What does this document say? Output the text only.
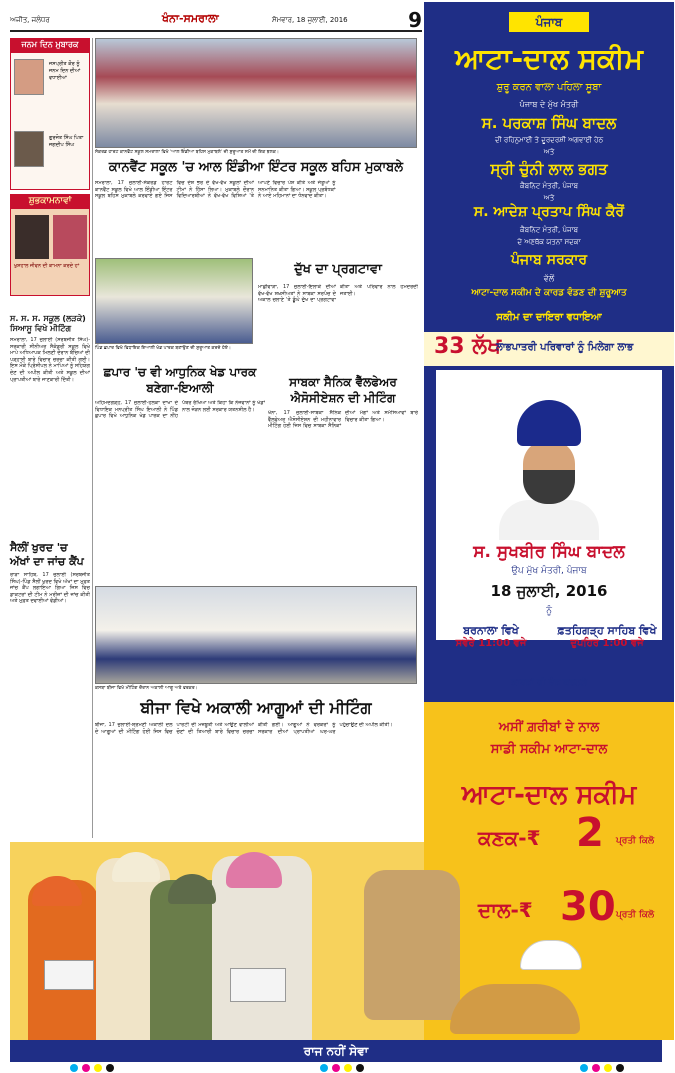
ਅਜੀਤ, ਜਲੰਧਰ	ਖੰਨਾ-ਸਮਰਾਲਾ	ਸੋਮਵਾਰ, 18 ਜੁਲਾਈ, 2016	9
ਜਨਮ ਦਿਨ ਮੁਬਾਰਕ
ਜਸਪ੍ਰੀਤ ਕੌਰ ਨੂੰ ਜਨਮ ਦਿਨ ਦੀਆਂ ਵਧਾਈਆਂ
ਗੁਰਜੋਤ ਸਿੰਘ ਪਿਤਾ ਜਗਦੀਪ ਸਿੰਘ
ਸ਼ੁਭਕਾਮਨਾਵਾਂ
ਖੁਸ਼ਹਾਲ ਜੀਵਨ ਦੀ ਕਾਮਨਾ ਕਰਦੇ ਹਾਂ
ਸ. ਸ. ਸ. ਸਕੂਲ (ਲੜਕੇ) ਸਿਆਸੂ ਵਿਖੇ ਮੀਟਿੰਗ
ਸਮਰਾਲਾ, 17 ਜੁਲਾਈ (ਸਰਬਜੀਤ ਸਿੰਘ)-ਸਰਕਾਰੀ ਸੀਨੀਅਰ ਸੈਕੰਡਰੀ ਸਕੂਲ ਵਿਖੇ ਮਾਪੇ ਅਧਿਆਪਕ ਮਿਲਣੀ ਦੌਰਾਨ ਬੱਚਿਆਂ ਦੀ ਪੜ੍ਹਾਈ ਬਾਰੇ ਵਿਚਾਰ ਚਰਚਾ ਕੀਤੀ ਗਈ। ਇਸ ਮੌਕੇ ਪ੍ਰਿੰਸੀਪਲ ਨੇ ਮਾਪਿਆਂ ਨੂੰ ਸਹਿਯੋਗ ਦੇਣ ਦੀ ਅਪੀਲ ਕੀਤੀ ਅਤੇ ਸਕੂਲ ਦੀਆਂ ਪ੍ਰਾਪਤੀਆਂ ਬਾਰੇ ਜਾਣਕਾਰੀ ਦਿੱਤੀ।
ਸੈਲੀਂ ਖੁਰਦ 'ਚ ਅੱਖਾਂ ਦਾ ਜਾਂਚ ਕੈਂਪ
ਰਾੜਾ ਸਾਹਿਬ, 17 ਜੁਲਾਈ (ਸਰਬਜੀਤ ਸਿੰਘ)-ਪਿੰਡ ਸੈਲੀਂ ਖੁਰਦ ਵਿਖੇ ਅੱਖਾਂ ਦਾ ਮੁਫ਼ਤ ਜਾਂਚ ਕੈਂਪ ਲਗਾਇਆ ਗਿਆ ਜਿਸ ਵਿਚ ਡਾਕਟਰਾਂ ਦੀ ਟੀਮ ਨੇ ਮਰੀਜ਼ਾਂ ਦੀ ਜਾਂਚ ਕੀਤੀ ਅਤੇ ਮੁਫ਼ਤ ਦਵਾਈਆਂ ਵੰਡੀਆਂ।
ਸੇਕਰਡ ਹਾਰਟ ਕਾਨਵੈਂਟ ਸਕੂਲ ਸਮਰਾਲਾ ਵਿਖੇ 'ਆਲ ਇੰਡੀਆ ਬਹਿਸ ਮੁਕਾਬਲੇ' ਦੀ ਸ਼ੁਰੂਆਤ ਸਮੇਂ ਦੀ ਇਕ ਝਲਕ।
ਕਾਨਵੈਂਟ ਸਕੂਲ 'ਚ ਆਲ ਇੰਡੀਆ ਇੰਟਰ ਸਕੂਲ ਬਹਿਸ ਮੁਕਾਬਲੇ
ਸਮਰਾਲਾ, 17 ਜੁਲਾਈ-ਸੇਕਰਡ ਹਾਰਟ ਕਾਨਵੈਂਟ ਸਕੂਲ ਵਿਖੇ ਆਲ ਇੰਡੀਆ ਇੰਟਰ ਸਕੂਲ ਬਹਿਸ ਮੁਕਾਬਲੇ ਕਰਵਾਏ ਗਏ ਜਿਸ ਵਿਚ ਦੇਸ਼ ਭਰ ਦੇ ਵੱਖ-ਵੱਖ ਸਕੂਲਾਂ ਦੀਆਂ ਟੀਮਾਂ ਨੇ ਹਿੱਸਾ ਲਿਆ। ਮੁਕਾਬਲੇ ਦੌਰਾਨ ਵਿਦਿਆਰਥੀਆਂ ਨੇ ਵੱਖ-ਵੱਖ ਵਿਸ਼ਿਆਂ 'ਤੇ ਆਪਣੇ ਵਿਚਾਰ ਪੇਸ਼ ਕੀਤੇ ਅਤੇ ਜੇਤੂਆਂ ਨੂੰ ਸਨਮਾਨਿਤ ਕੀਤਾ ਗਿਆ। ਸਕੂਲ ਪ੍ਰਬੰਧਕਾਂ ਨੇ ਆਏ ਮਹਿਮਾਨਾਂ ਦਾ ਧੰਨਵਾਦ ਕੀਤਾ।
ਪਿੰਡ ਛਪਾਰ ਵਿਖੇ ਵਿਧਾਇਕ ਇਆਲੀ ਖੇਡ ਪਾਰਕ ਬਣਾਉਣ ਦੀ ਸ਼ੁਰੂਆਤ ਕਰਦੇ ਹੋਏ।
ਦੁੱਖ ਦਾ ਪ੍ਰਗਟਾਵਾ
ਮਾਛੀਵਾੜਾ, 17 ਜੁਲਾਈ-ਇਲਾਕੇ ਦੀਆਂ ਵੱਖ-ਵੱਖ ਸ਼ਖ਼ਸੀਅਤਾਂ ਨੇ ਸਾਬਕਾ ਸਰਪੰਚ ਦੇ ਅਕਾਲ ਚਲਾਣੇ 'ਤੇ ਡੂੰਘੇ ਦੁੱਖ ਦਾ ਪ੍ਰਗਟਾਵਾ ਕੀਤਾ ਅਤੇ ਪਰਿਵਾਰ ਨਾਲ ਹਮਦਰਦੀ ਜਤਾਈ।
ਛਪਾਰ 'ਚ ਵੀ ਆਧੁਨਿਕ ਖੇਡ ਪਾਰਕ ਬਣੇਗਾ-ਇਆਲੀ
ਅਹਿਮਦਗੜ੍ਹ, 17 ਜੁਲਾਈ-ਹਲਕਾ ਦਾਖਾ ਦੇ ਵਿਧਾਇਕ ਮਨਪ੍ਰੀਤ ਸਿੰਘ ਇਆਲੀ ਨੇ ਪਿੰਡ ਛਪਾਰ ਵਿਖੇ ਆਧੁਨਿਕ ਖੇਡ ਪਾਰਕ ਦਾ ਨੀਂਹ ਪੱਥਰ ਰੱਖਿਆ ਅਤੇ ਕਿਹਾ ਕਿ ਨੌਜਵਾਨਾਂ ਨੂੰ ਖੇਡਾਂ ਨਾਲ ਜੋੜਨ ਲਈ ਸਰਕਾਰ ਯਤਨਸ਼ੀਲ ਹੈ।
ਸਾਬਕਾ ਸੈਨਿਕ ਵੈੱਲਫੇਅਰ ਐਸੋਸੀਏਸ਼ਨ ਦੀ ਮੀਟਿੰਗ
ਖੰਨਾ, 17 ਜੁਲਾਈ-ਸਾਬਕਾ ਸੈਨਿਕ ਵੈੱਲਫੇਅਰ ਐਸੋਸੀਏਸ਼ਨ ਦੀ ਮਹੀਨਾਵਾਰ ਮੀਟਿੰਗ ਹੋਈ ਜਿਸ ਵਿਚ ਸਾਬਕਾ ਸੈਨਿਕਾਂ ਦੀਆਂ ਮੰਗਾਂ ਅਤੇ ਸਮੱਸਿਆਵਾਂ ਬਾਰੇ ਵਿਚਾਰ ਕੀਤਾ ਗਿਆ।
ਕਸਬਾ ਬੀਜਾ ਵਿਖੇ ਮੀਟਿੰਗ ਦੌਰਾਨ ਅਕਾਲੀ ਆਗੂ ਅਤੇ ਵਰਕਰ।
ਬੀਜਾ ਵਿਖੇ ਅਕਾਲੀ ਆਗੂਆਂ ਦੀ ਮੀਟਿੰਗ
ਬੀਜਾ, 17 ਜੁਲਾਈ-ਸ਼੍ਰੋਮਣੀ ਅਕਾਲੀ ਦਲ ਦੇ ਆਗੂਆਂ ਦੀ ਮੀਟਿੰਗ ਹੋਈ ਜਿਸ ਵਿਚ ਪਾਰਟੀ ਦੀ ਮਜ਼ਬੂਤੀ ਅਤੇ ਆਉਣ ਵਾਲੀਆਂ ਚੋਣਾਂ ਦੀ ਤਿਆਰੀ ਬਾਰੇ ਵਿਚਾਰ ਚਰਚਾ ਕੀਤੀ ਗਈ। ਆਗੂਆਂ ਨੇ ਵਰਕਰਾਂ ਨੂੰ ਸਰਕਾਰ ਦੀਆਂ ਪ੍ਰਾਪਤੀਆਂ ਘਰ-ਘਰ ਪਹੁੰਚਾਉਣ ਦੀ ਅਪੀਲ ਕੀਤੀ।
ਪੰਜਾਬ
ਆਟਾ-ਦਾਲ ਸਕੀਮ
ਸ਼ੁਰੂ ਕਰਨ ਵਾਲਾ ਪਹਿਲਾ ਸੂਬਾ
ਪੰਜਾਬ ਦੇ ਮੁੱਖ ਮੰਤਰੀ
ਸ. ਪਰਕਾਸ਼ ਸਿੰਘ ਬਾਦਲ
ਦੀ ਰਹਿਨੁਮਾਈ ਤੇ ਦੂਰਦਰਸ਼ੀ ਅਗਵਾਈ ਹੇਠ
ਅਤੇ
ਸ੍ਰੀ ਚੁੰਨੀ ਲਾਲ ਭਗਤ
ਕੈਬਨਿਟ ਮੰਤਰੀ, ਪੰਜਾਬ
ਅਤੇ
ਸ. ਆਦੇਸ਼ ਪ੍ਰਤਾਪ ਸਿੰਘ ਕੈਰੋਂ
ਕੈਬਨਿਟ ਮੰਤਰੀ, ਪੰਜਾਬ
ਦੇ ਅਣਥੱਕ ਯਤਨਾਂ ਸਦਕਾ
ਪੰਜਾਬ ਸਰਕਾਰ
ਵੱਲੋਂ
ਆਟਾ-ਦਾਲ ਸਕੀਮ ਦੇ ਕਾਰਡ ਵੰਡਣ ਦੀ ਸ਼ੁਰੂਆਤ
ਸਕੀਮ ਦਾ ਦਾਇਰਾ ਵਧਾਇਆ
33 ਲੱਖ
ਲਾਭਪਾਤਰੀ ਪਰਿਵਾਰਾਂ ਨੂੰ ਮਿਲੇਗਾ ਲਾਭ
ਸ. ਸੁਖਬੀਰ ਸਿੰਘ ਬਾਦਲ
ਉਪ ਮੁੱਖ ਮੰਤਰੀ, ਪੰਜਾਬ
18 ਜੁਲਾਈ, 2016
ਨੂੰ
ਬਰਨਾਲਾ ਵਿਖੇ
ਸਵੇਰੇ 11:00 ਵਜੇ
ਫ਼ਤਹਿਗੜ੍ਹ ਸਾਹਿਬ ਵਿਖੇ
ਦੁਪਹਿਰ 1:00 ਵਜੇ
ਕਾਰਡਾਂ ਦੀ ਵੰਡ ਕਰਨਗੇ
ਅਸੀਂ ਗ਼ਰੀਬਾਂ ਦੇ ਨਾਲ
ਸਾਡੀ ਸਕੀਮ ਆਟਾ-ਦਾਲ
ਆਟਾ-ਦਾਲ ਸਕੀਮ
ਕਣਕ-₹ 2 ਪ੍ਰਤੀ ਕਿਲੋ
ਦਾਲ-₹ 30 ਪ੍ਰਤੀ ਕਿਲੋ
ਰਾਜ ਨਹੀਂ ਸੇਵਾ
